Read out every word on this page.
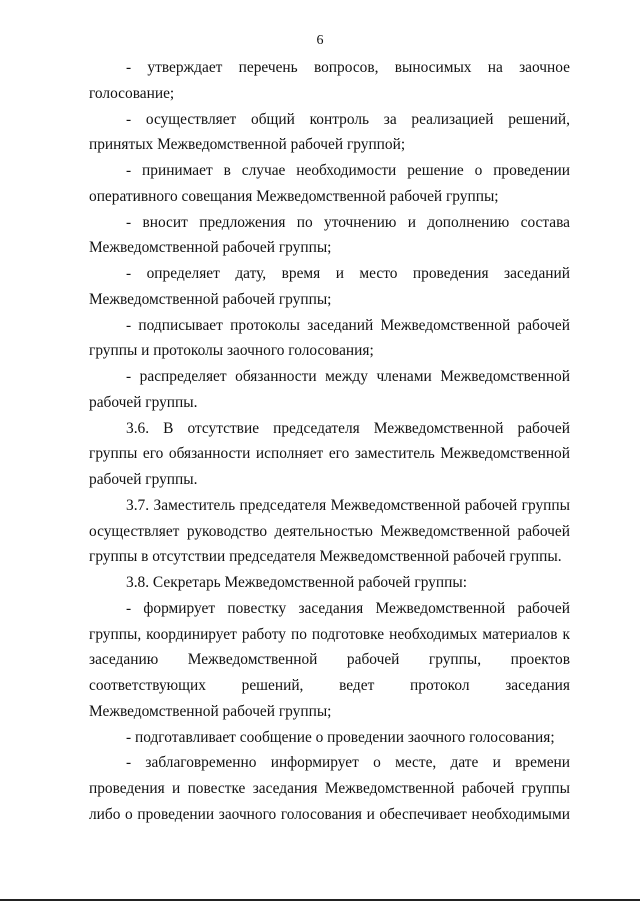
6

- утверждает перечень вопросов, выносимых на заочное голосование;

- осуществляет общий контроль за реализацией решений, принятых Межведомственной рабочей группой;

- принимает в случае необходимости решение о проведении оперативного совещания Межведомственной рабочей группы;

- вносит предложения по уточнению и дополнению состава Межведомственной рабочей группы;

- определяет дату, время и место проведения заседаний Межведомственной рабочей группы;

- подписывает протоколы заседаний Межведомственной рабочей группы и протоколы заочного голосования;

- распределяет обязанности между членами Межведомственной рабочей группы.

3.6. В отсутствие председателя Межведомственной рабочей группы его обязанности исполняет его заместитель Межведомственной рабочей группы.

3.7. Заместитель председателя Межведомственной рабочей группы осуществляет руководство деятельностью Межведомственной рабочей группы в отсутствии председателя Межведомственной рабочей группы.

3.8. Секретарь Межведомственной рабочей группы:

- формирует повестку заседания Межведомственной рабочей группы, координирует работу по подготовке необходимых материалов к заседанию Межведомственной рабочей группы, проектов соответствующих решений, ведет протокол заседания Межведомственной рабочей группы;

- подготавливает сообщение о проведении заочного голосования;

- заблаговременно информирует о месте, дате и времени проведения и повестке заседания Межведомственной рабочей группы либо о проведении заочного голосования и обеспечивает необходимыми
